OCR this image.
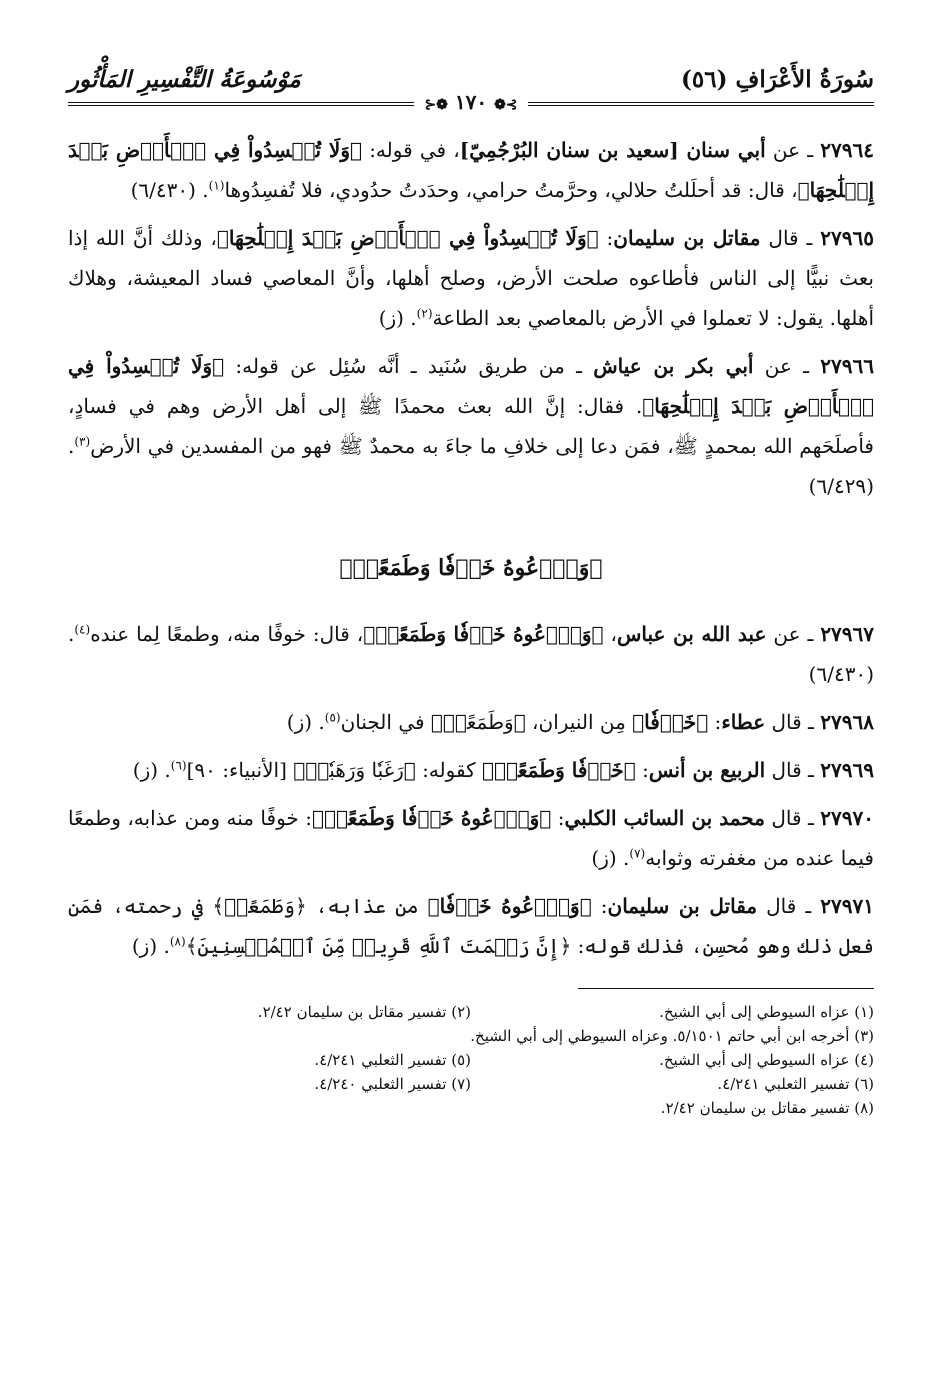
سُورَةُ الأَعْرَافِ (٥٦)
مَوْسُوعَةُ التَّفْسِيرِ المَأْثُور
⊱❁ ١٧٠ ❁⊰

٢٧٩٦٤ ـ عن أبي سنان [سعيد بن سنان البُرْجُمِيّ]، في قوله: ﴿وَلَا تُفۡسِدُواْ فِي ٱلۡأَرۡضِ بَعۡدَ إِصۡلَٰحِهَا﴾، قال: قد أحلَلتُ حلالي، وحرَّمتُ حرامي، وحدَدتُ حدُودي، فلا تُفسِدُوها$^{(١)}$. (٦/٤٣٠)

٢٧٩٦٥ ـ قال مقاتل بن سليمان: ﴿وَلَا تُفۡسِدُواْ فِي ٱلۡأَرۡضِ بَعۡدَ إِصۡلَٰحِهَا﴾، وذلك أنَّ الله إذا بعث نبيًّا إلى الناس فأطاعوه صلحت الأرض، وصلح أهلها، وأنَّ المعاصي فساد المعيشة، وهلاك أهلها. يقول: لا تعملوا في الأرض بالمعاصي بعد الطاعة$^{(٢)}$. (ز)

٢٧٩٦٦ ـ عن أبي بكر بن عياش ـ من طريق سُنَيد ـ أنَّه سُئِل عن قوله: ﴿وَلَا تُفۡسِدُواْ فِي ٱلۡأَرۡضِ بَعۡدَ إِصۡلَٰحِهَا﴾. فقال: إنَّ الله بعث محمدًا ﷺ إلى أهل الأرض وهم في فسادٍ، فأصلَحَهم الله بمحمدٍ ﷺ، فمَن دعا إلى خلافِ ما جاءَ به محمدٌ ﷺ فهو من المفسدين في الأرض$^{(٣)}$. (٦/٤٢٩)

﴿وَٱدۡعُوهُ خَوۡفٗا وَطَمَعًاۚ﴾

٢٧٩٦٧ ـ عن عبد الله بن عباس، ﴿وَٱدۡعُوهُ خَوۡفٗا وَطَمَعًاۚ﴾، قال: خوفًا منه، وطمعًا لِما عنده$^{(٤)}$. (٦/٤٣٠)

٢٧٩٦٨ ـ قال عطاء: ﴿خَوۡفٗا﴾ مِن النيران، ﴿وَطَمَعًاۚ﴾ في الجنان$^{(٥)}$. (ز)

٢٧٩٦٩ ـ قال الربيع بن أنس: ﴿خَوۡفٗا وَطَمَعًاۚ﴾ كقوله: ﴿رَغَبٗا وَرَهَبٗاۖ﴾ [الأنبياء: ٩٠]$^{(٦)}$. (ز)

٢٧٩٧٠ ـ قال محمد بن السائب الكلبي: ﴿وَٱدۡعُوهُ خَوۡفٗا وَطَمَعًاۚ﴾: خوفًا منه ومن عذابه، وطمعًا فيما عنده من مغفرته وثوابه$^{(٧)}$. (ز)

٢٧٩٧١ ـ قال مقاتل بن سليمان: ﴿وَٱدۡعُوهُ خَوۡفٗا﴾ من عذابه، ﴿وَطَمَعًاۚ﴾ في رحمته، فمَن فعل ذلك وهو مُحسِن، فذلك قوله: ﴿إِنَّ رَحۡمَتَ ٱللَّهِ قَرِيبٞ مِّنَ ٱلۡمُحۡسِنِينَ﴾$^{(٨)}$. (ز)

(١) عزاه السيوطي إلى أبي الشيخ.
(٢) تفسير مقاتل بن سليمان ٢/٤٢.
(٣) أخرجه ابن أبي حاتم ٥/١٥٠١. وعزاه السيوطي إلى أبي الشيخ.
(٤) عزاه السيوطي إلى أبي الشيخ.
(٥) تفسير الثعلبي ٤/٢٤١.
(٦) تفسير الثعلبي ٤/٢٤١.
(٧) تفسير الثعلبي ٤/٢٤٠.
(٨) تفسير مقاتل بن سليمان ٢/٤٢.
